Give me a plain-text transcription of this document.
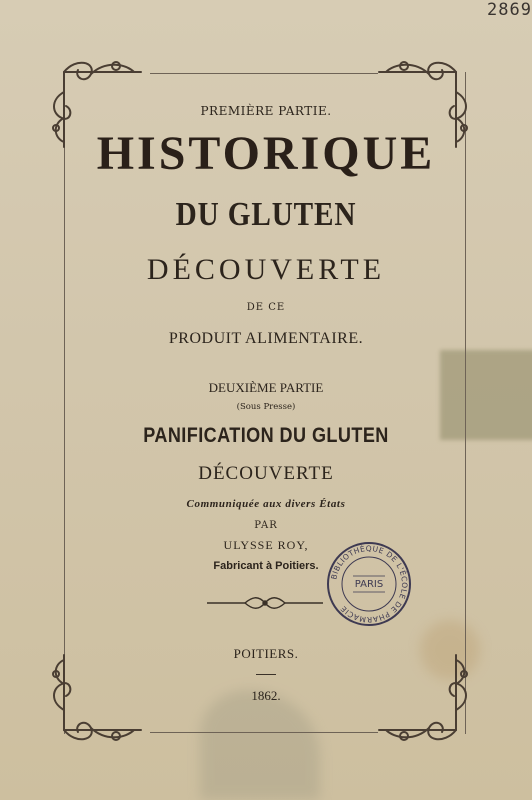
2869
PREMIÈRE PARTIE.
HISTORIQUE
DU GLUTEN
DÉCOUVERTE
DE CE
PRODUIT ALIMENTAIRE.
DEUXIÈME PARTIE
(Sous Presse)
PANIFICATION DU GLUTEN
DÉCOUVERTE
Communiquée aux divers États
PAR
ULYSSE ROY,
Fabricant à Poitiers.
BIBLIOTHÈQUE DE L'ÉCOLE DE PHARMACIE
PARIS
POITIERS.
1862.
